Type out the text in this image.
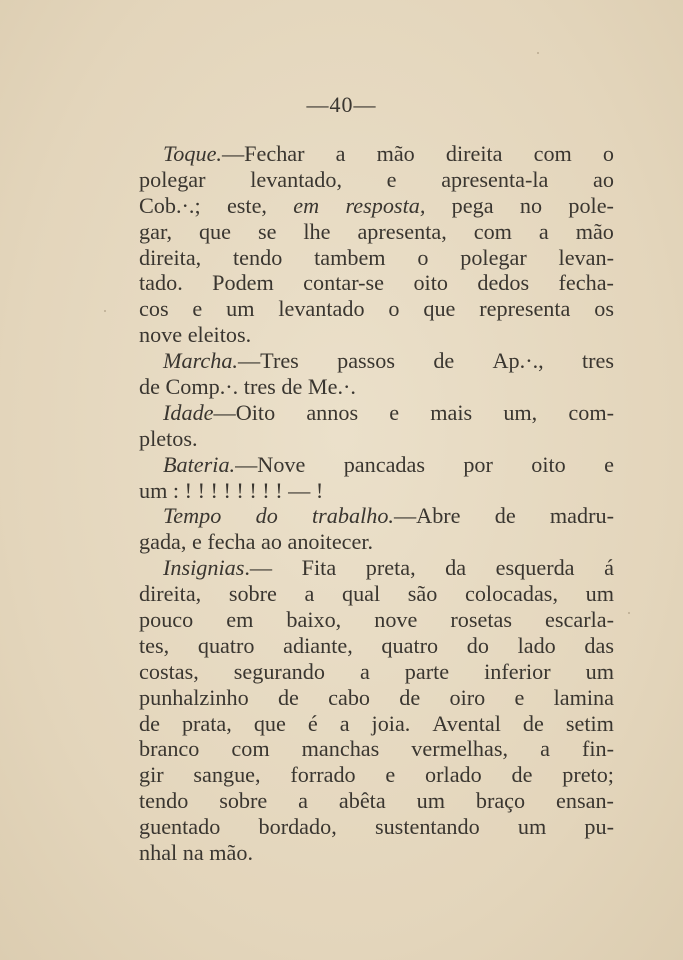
—40—
Toque.—Fechar a mão direita com o
polegar levantado, e apresenta-la ao
Cob.·.; este, em resposta, pega no pole-
gar, que se lhe apresenta, com a mão
direita, tendo tambem o polegar levan-
tado. Podem contar-se oito dedos fecha-
cos e um levantado o que representa os
nove
eleitos.
Marcha.—Tres passos de Ap.·., tres
de
Comp.·.
tres
de
Me.·.
Idade—Oito annos e mais um, com-
pletos.
Bateria.—Nove pancadas por oito e
um
:
!
!
!
!
!
!
!
!
—
!
Tempo do trabalho.—Abre de madru-
gada,
e
fecha
ao
anoitecer.
Insignias.— Fita preta, da esquerda á
direita, sobre a qual são colocadas, um
pouco em baixo, nove rosetas escarla-
tes, quatro adiante, quatro do lado das
costas, segurando a parte inferior um
punhalzinho de cabo de oiro e lamina
de prata, que é a joia. Avental de setim
branco com manchas vermelhas, a fin-
gir sangue, forrado e orlado de preto;
tendo sobre a abêta um braço ensan-
guentado bordado, sustentando um pu-
nhal
na
mão.
